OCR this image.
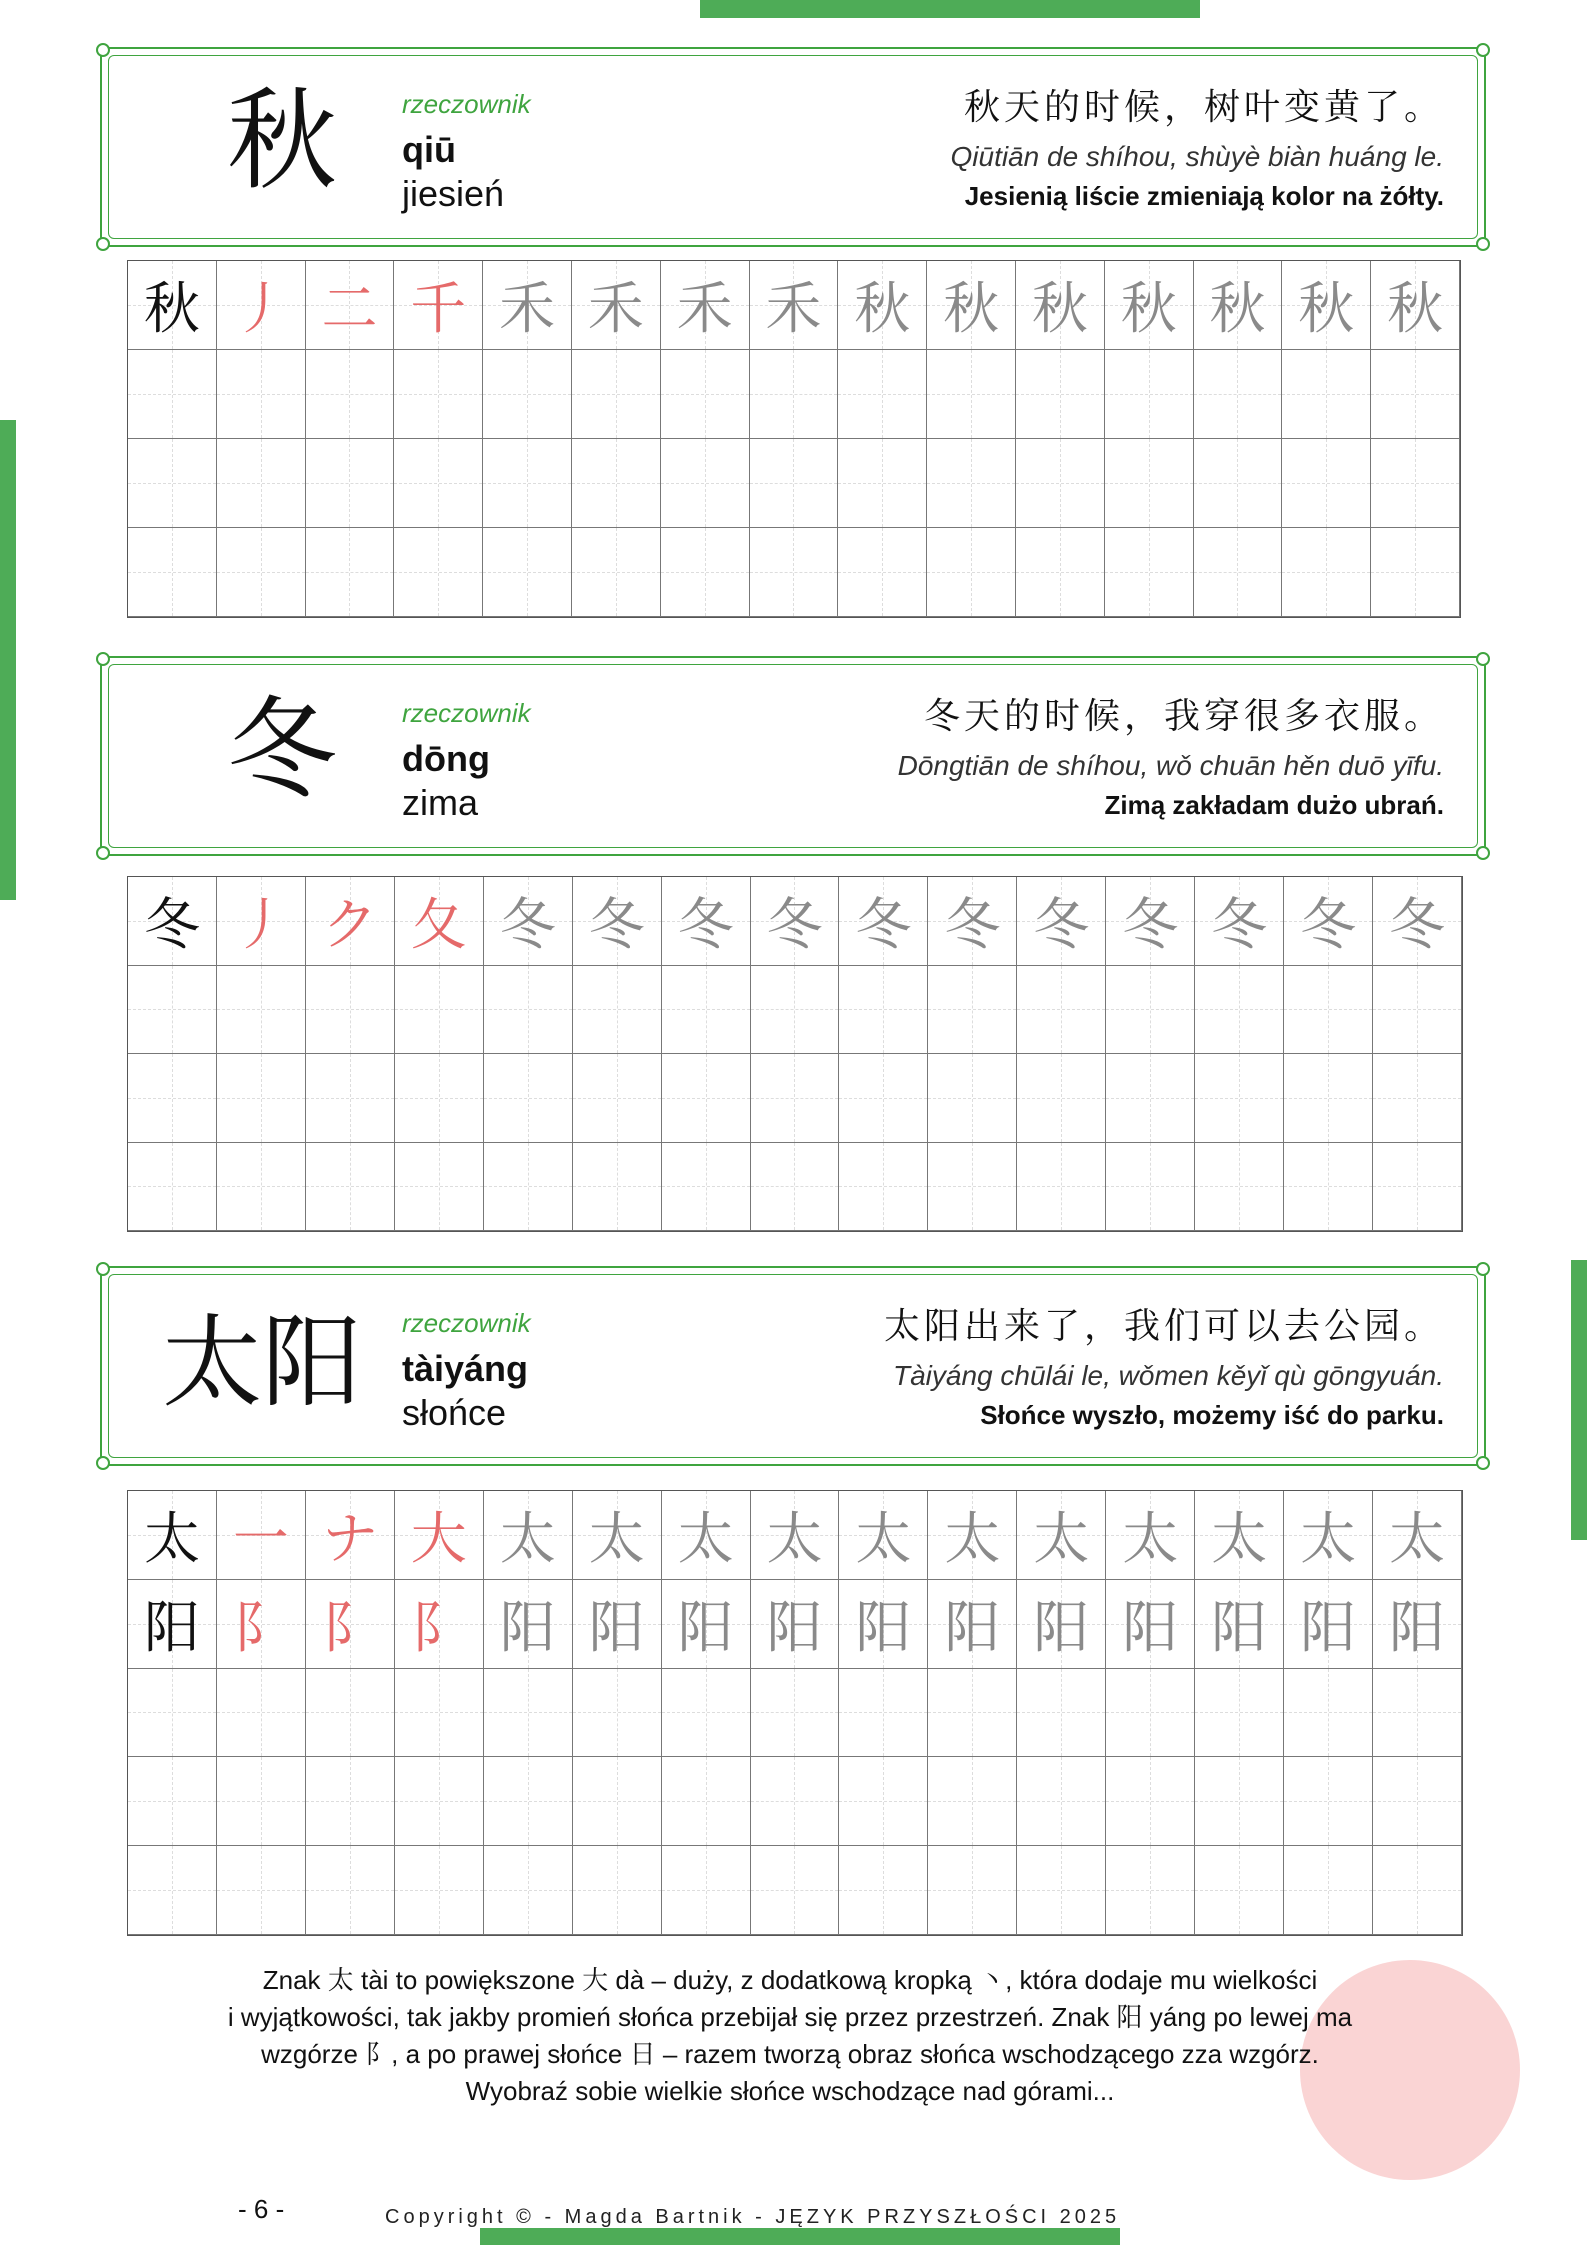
秋	rzeczownik
qiū
jiesień
秋天的时候，树叶变黄了。
Qiūtiān de shíhou, shùyè biàn huáng le.
Jesienią liście zmieniają kolor na żółty.
秋 丿 二 千 禾 禾 禾 禾 秋 秋 秋 秋 秋 秋 秋
冬	rzeczownik
dōng
zima
冬天的时候，我穿很多衣服。
Dōngtiān de shíhou, wǒ chuān hěn duō yīfu.
Zimą zakładam dużo ubrań.
冬 丿 ク 夂 冬 冬 冬 冬 冬 冬 冬 冬 冬 冬 冬
太阳	rzeczownik
tàiyáng
słońce
太阳出来了，我们可以去公园。
Tàiyáng chūlái le, wǒmen kěyǐ qù gōngyuán.
Słońce wyszło, możemy iść do parku.
太 一 ナ 大 太 太 太 太 太 太 太 太 太 太 太
阳 ⻖ 阝 阝 阳 阳 阳 阳 阳 阳 阳 阳 阳 阳 阳
Znak 太 tài to powiększone 大 dà – duży, z dodatkową kropką 丶, która dodaje mu wielkości
i wyjątkowości, tak jakby promień słońca przebijał się przez przestrzeń. Znak 阳 yáng po lewej ma
wzgórze 阝, a po prawej słońce 日 – razem tworzą obraz słońca wschodzącego zza wzgórz.
Wyobraź sobie wielkie słońce wschodzące nad górami...
- 6 -	Copyright © - Magda Bartnik - JĘZYK PRZYSZŁOŚCI 2025
